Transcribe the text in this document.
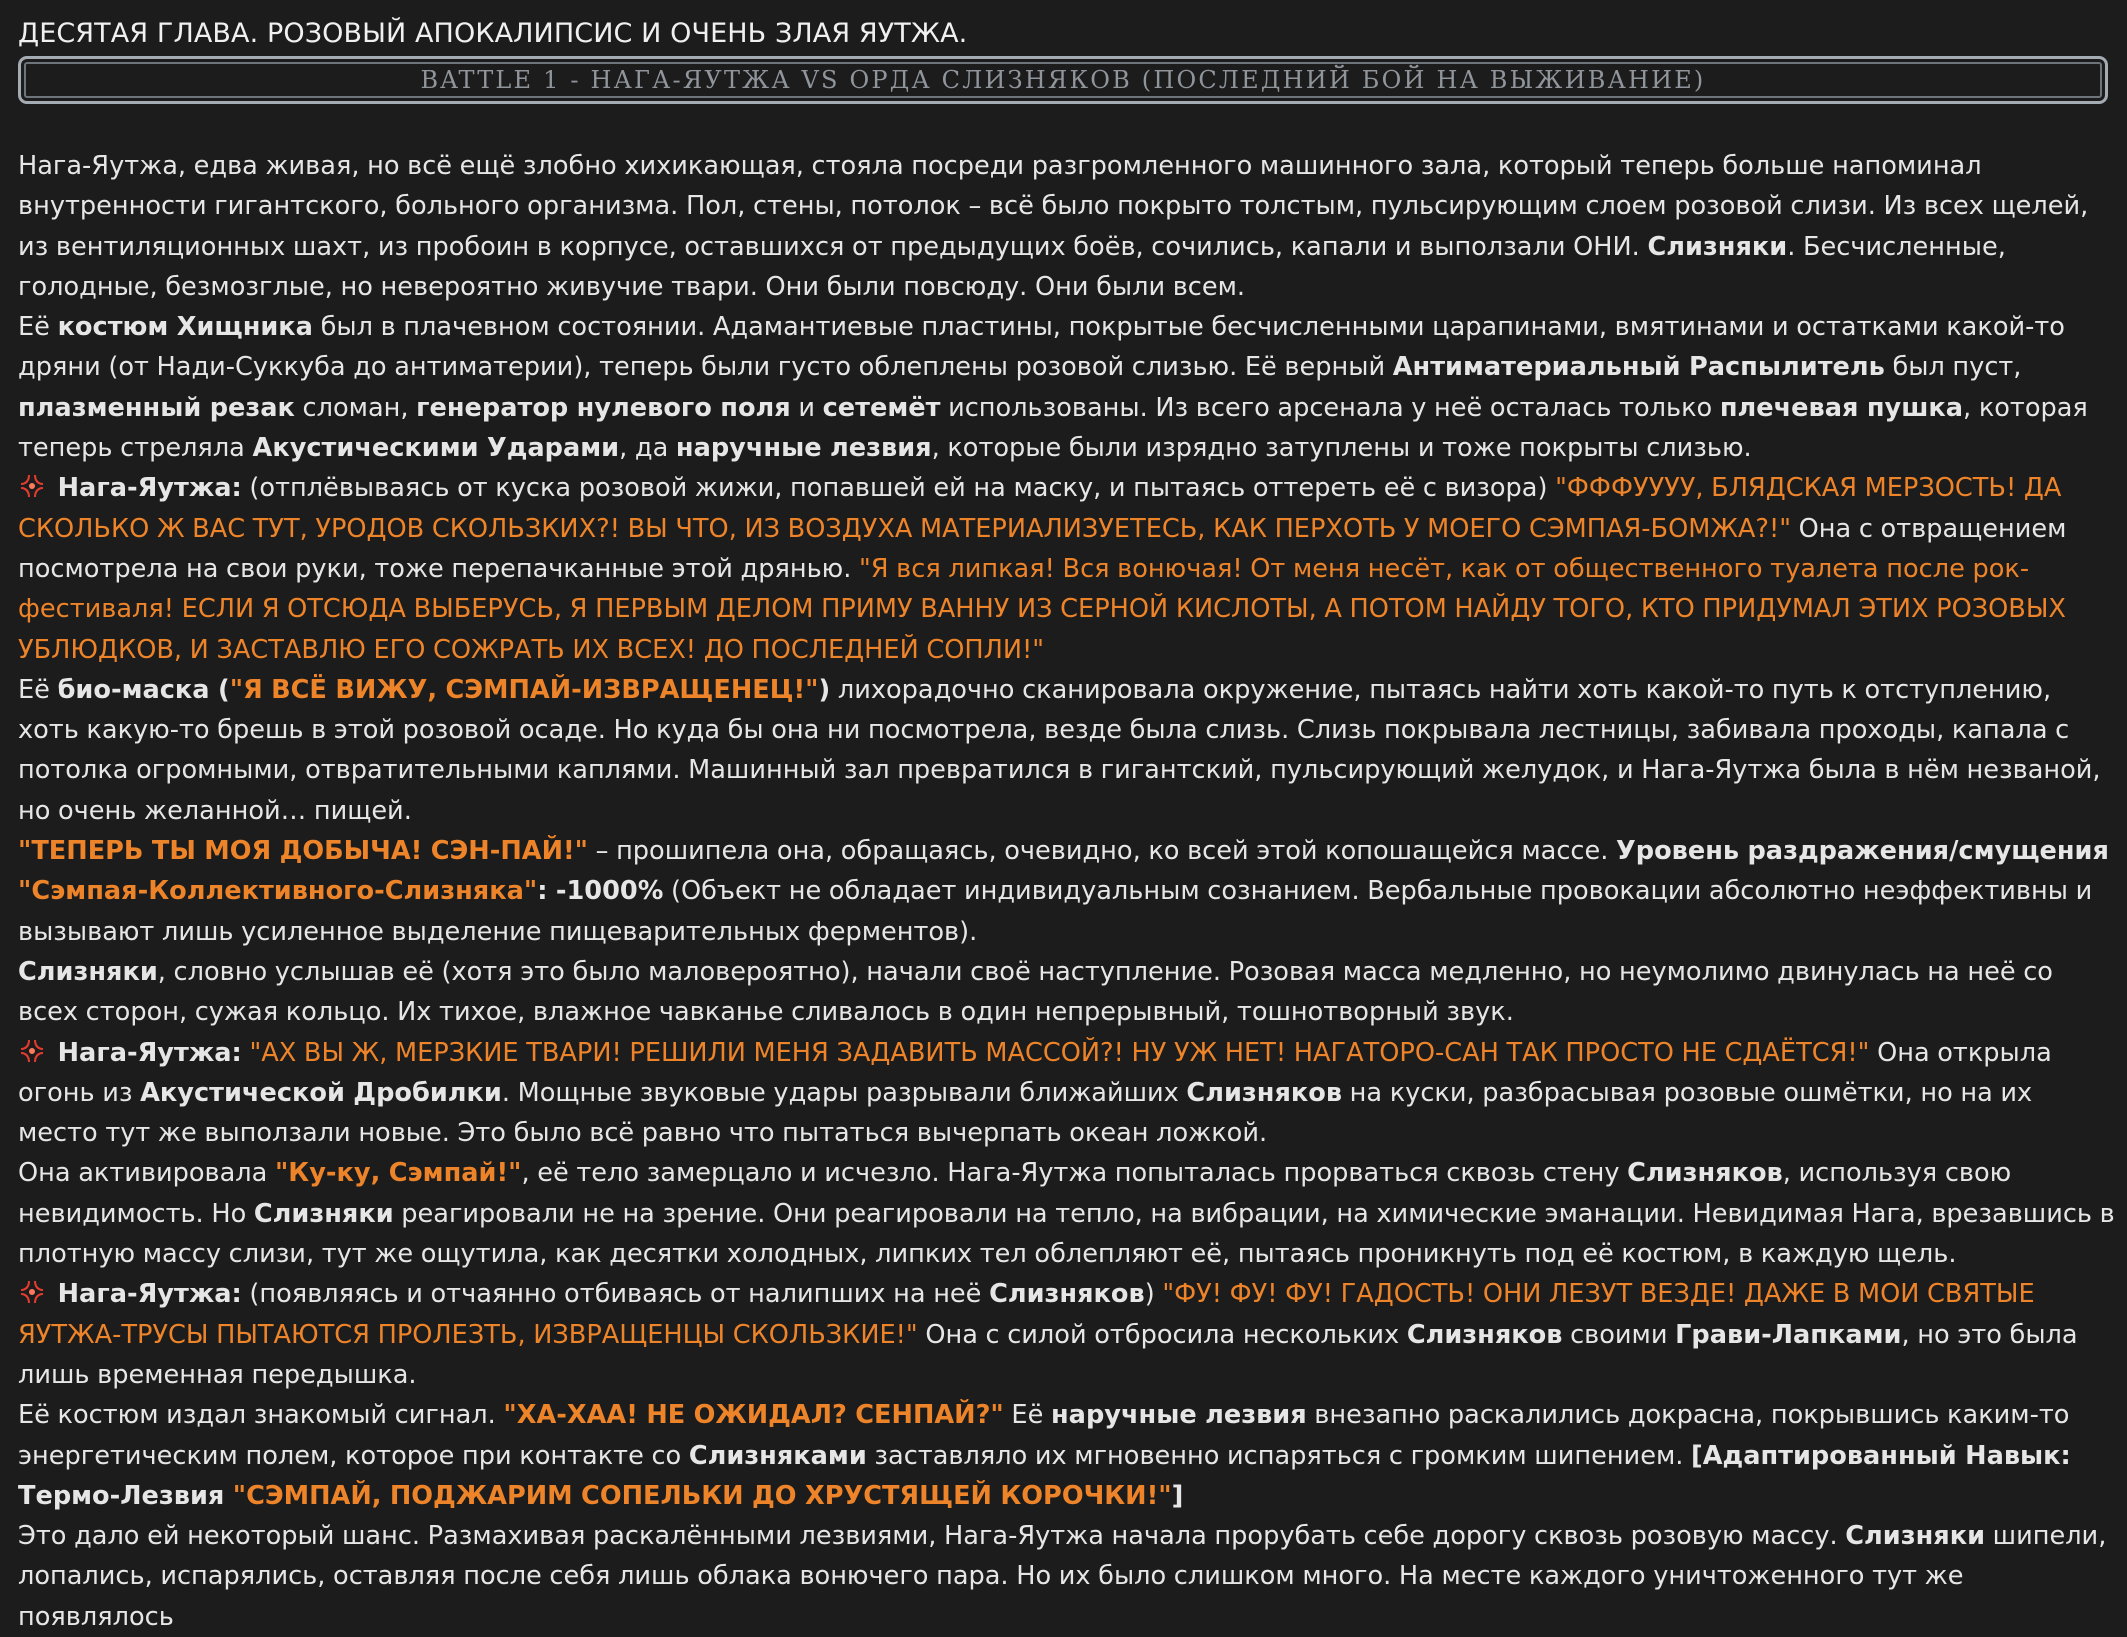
ДЕСЯТАЯ ГЛАВА. РОЗОВЫЙ АПОКАЛИПСИС И ОЧЕНЬ ЗЛАЯ ЯУТЖА.
BATTLE 1 - НАГА-ЯУТЖА VS ОРДА СЛИЗНЯКОВ (ПОСЛЕДНИЙ БОЙ НА ВЫЖИВАНИЕ)

Нага-Яутжа, едва живая, но всё ещё злобно хихикающая, стояла посреди разгромленного машинного зала, который теперь больше напоминал внутренности гигантского, больного организма. Пол, стены, потолок – всё было покрыто толстым, пульсирующим слоем розовой слизи. Из всех щелей, из вентиляционных шахт, из пробоин в корпусе, оставшихся от предыдущих боёв, сочились, капали и выползали ОНИ. Слизняки. Бесчисленные, голодные, безмозглые, но невероятно живучие твари. Они были повсюду. Они были всем.

Её костюм Хищника был в плачевном состоянии. Адамантиевые пластины, покрытые бесчисленными царапинами, вмятинами и остатками какой-то дряни (от Нади-Суккуба до антиматерии), теперь были густо облеплены розовой слизью. Её верный Антиматериальный Распылитель был пуст, плазменный резак сломан, генератор нулевого поля и сетемёт использованы. Из всего арсенала у неё осталась только плечевая пушка, которая теперь стреляла Акустическими Ударами, да наручные лезвия, которые были изрядно затуплены и тоже покрыты слизью.

Нага-Яутжа: (отплёвываясь от куска розовой жижи, попавшей ей на маску, и пытаясь оттереть её с визора) "ФФФУУУУ, БЛЯДСКАЯ МЕРЗОСТЬ! ДА СКОЛЬКО Ж ВАС ТУТ, УРОДОВ СКОЛЬЗКИХ?! ВЫ ЧТО, ИЗ ВОЗДУХА МАТЕРИАЛИЗУЕТЕСЬ, КАК ПЕРХОТЬ У МОЕГО СЭМПАЯ-БОМЖА?!" Она с отвращением посмотрела на свои руки, тоже перепачканные этой дрянью. "Я вся липкая! Вся вонючая! От меня несёт, как от общественного туалета после рок-фестиваля! ЕСЛИ Я ОТСЮДА ВЫБЕРУСЬ, Я ПЕРВЫМ ДЕЛОМ ПРИМУ ВАННУ ИЗ СЕРНОЙ КИСЛОТЫ, А ПОТОМ НАЙДУ ТОГО, КТО ПРИДУМАЛ ЭТИХ РОЗОВЫХ УБЛЮДКОВ, И ЗАСТАВЛЮ ЕГО СОЖРАТЬ ИХ ВСЕХ! ДО ПОСЛЕДНЕЙ СОПЛИ!"

Её био-маска ("Я ВСЁ ВИЖУ, СЭМПАЙ-ИЗВРАЩЕНЕЦ!") лихорадочно сканировала окружение, пытаясь найти хоть какой-то путь к отступлению, хоть какую-то брешь в этой розовой осаде. Но куда бы она ни посмотрела, везде была слизь. Слизь покрывала лестницы, забивала проходы, капала с потолка огромными, отвратительными каплями. Машинный зал превратился в гигантский, пульсирующий желудок, и Нага-Яутжа была в нём незваной, но очень желанной… пищей.

"ТЕПЕРЬ ТЫ МОЯ ДОБЫЧА! СЭН-ПАЙ!" – прошипела она, обращаясь, очевидно, ко всей этой копошащейся массе. Уровень раздражения/смущения "Сэмпая-Коллективного-Слизняка": -1000% (Объект не обладает индивидуальным сознанием. Вербальные провокации абсолютно неэффективны и вызывают лишь усиленное выделение пищеварительных ферментов).

Слизняки, словно услышав её (хотя это было маловероятно), начали своё наступление. Розовая масса медленно, но неумолимо двинулась на неё со всех сторон, сужая кольцо. Их тихое, влажное чавканье сливалось в один непрерывный, тошнотворный звук.

Нага-Яутжа: "АХ ВЫ Ж, МЕРЗКИЕ ТВАРИ! РЕШИЛИ МЕНЯ ЗАДАВИТЬ МАССОЙ?! НУ УЖ НЕТ! НАГАТОРО-САН ТАК ПРОСТО НЕ СДАЁТСЯ!" Она открыла огонь из Акустической Дробилки. Мощные звуковые удары разрывали ближайших Слизняков на куски, разбрасывая розовые ошмётки, но на их место тут же выползали новые. Это было всё равно что пытаться вычерпать океан ложкой.

Она активировала "Ку-ку, Сэмпай!", её тело замерцало и исчезло. Нага-Яутжа попыталась прорваться сквозь стену Слизняков, используя свою невидимость. Но Слизняки реагировали не на зрение. Они реагировали на тепло, на вибрации, на химические эманации. Невидимая Нага, врезавшись в плотную массу слизи, тут же ощутила, как десятки холодных, липких тел облепляют её, пытаясь проникнуть под её костюм, в каждую щель.

Нага-Яутжа: (появляясь и отчаянно отбиваясь от налипших на неё Слизняков) "ФУ! ФУ! ФУ! ГАДОСТЬ! ОНИ ЛЕЗУТ ВЕЗДЕ! ДАЖЕ В МОИ СВЯТЫЕ ЯУТЖА-ТРУСЫ ПЫТАЮТСЯ ПРОЛЕЗТЬ, ИЗВРАЩЕНЦЫ СКОЛЬЗКИЕ!" Она с силой отбросила нескольких Слизняков своими Грави-Лапками, но это была лишь временная передышка.

Её костюм издал знакомый сигнал. "ХА-ХАА! НЕ ОЖИДАЛ? СЕНПАЙ?" Её наручные лезвия внезапно раскалились докрасна, покрывшись каким-то энергетическим полем, которое при контакте со Слизняками заставляло их мгновенно испаряться с громким шипением. [Адаптированный Навык: Термо-Лезвия "СЭМПАЙ, ПОДЖАРИМ СОПЕЛЬКИ ДО ХРУСТЯЩЕЙ КОРОЧКИ!"]

Это дало ей некоторый шанс. Размахивая раскалёнными лезвиями, Нага-Яутжа начала прорубать себе дорогу сквозь розовую массу. Слизняки шипели, лопались, испарялись, оставляя после себя лишь облака вонючего пара. Но их было слишком много. На месте каждого уничтоженного тут же появлялось
